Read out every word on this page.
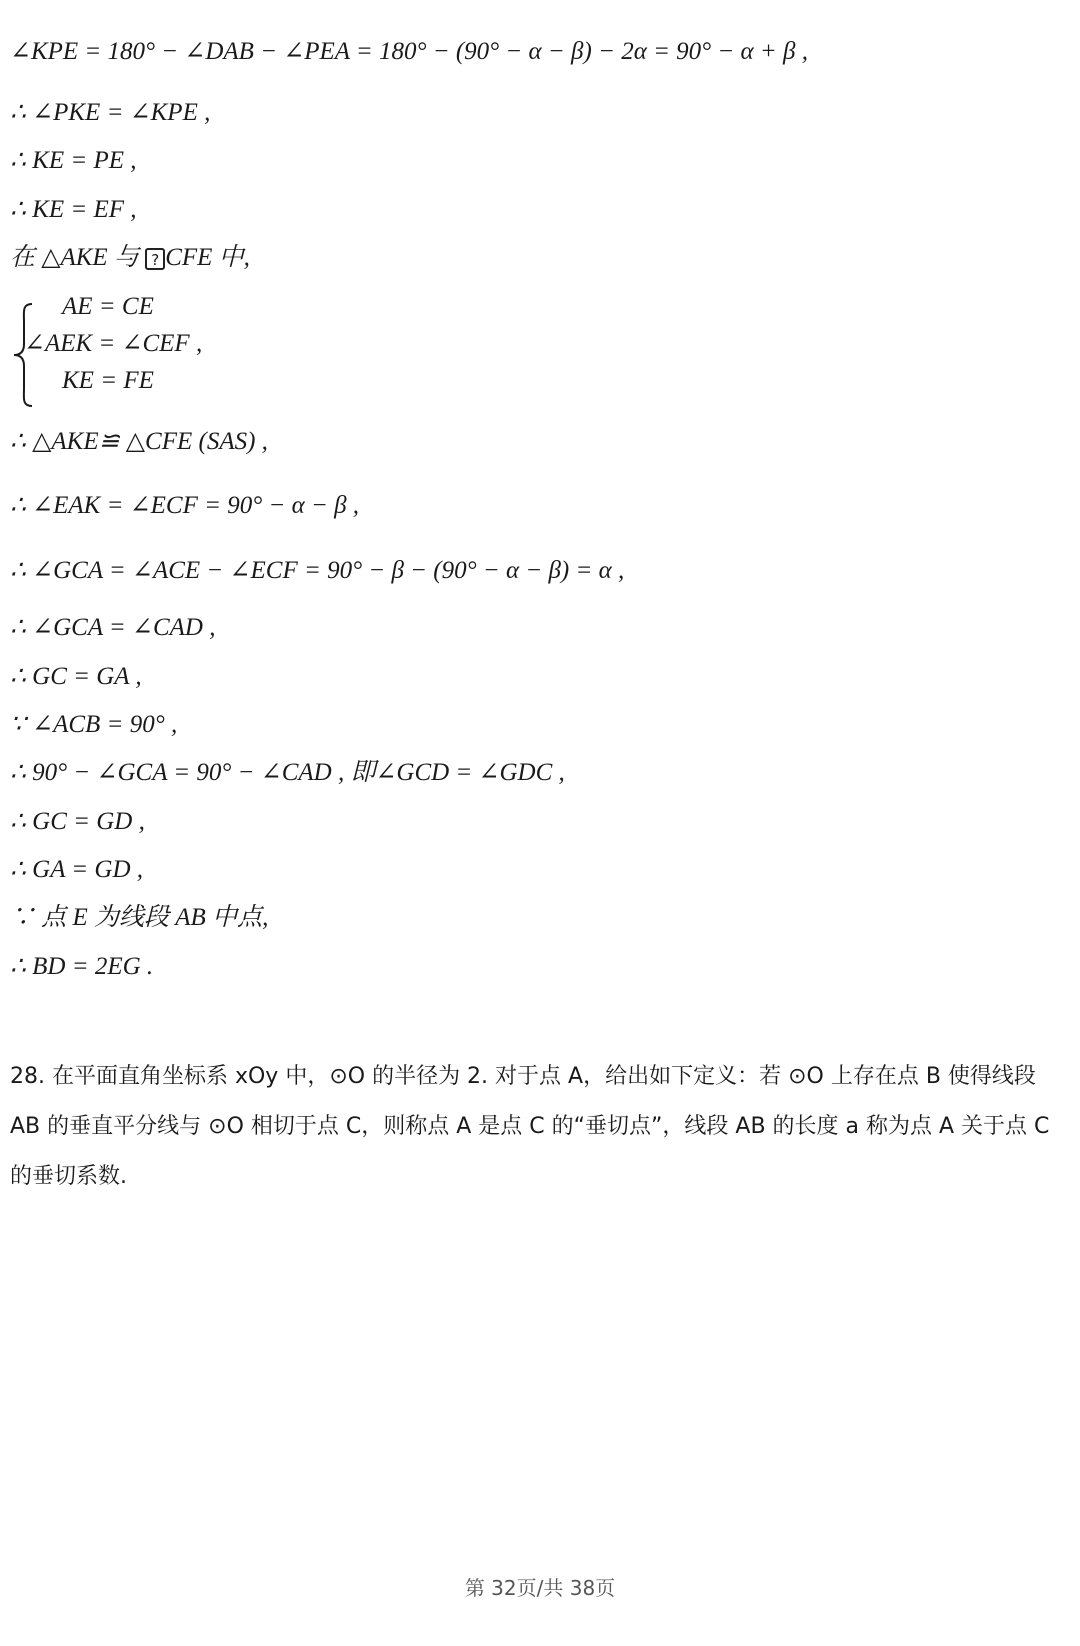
∠KPE = 180° − ∠DAB − ∠PEA = 180° − (90° − α − β) − 2α = 90° − α + β ,
∴ ∠PKE = ∠KPE ,
∴ KE = PE ,
∴ KE = EF ,
在 △AKE 与 ? CFE 中,
AE = CE
∠AEK = ∠CEF ,
KE = FE
∴ △AKE≌ △CFE (SAS) ,
∴ ∠EAK = ∠ECF = 90° − α − β ,
∴ ∠GCA = ∠ACE − ∠ECF = 90° − β − (90° − α − β) = α ,
∴ ∠GCA = ∠CAD ,
∴ GC = GA ,
∵ ∠ACB = 90° ,
∴ 90° − ∠GCA = 90° − ∠CAD , 即∠GCD = ∠GDC ,
∴ GC = GD ,
∴ GA = GD ,
∵ 点 E 为线段 AB 中点,
∴ BD = 2EG .
28. 在平面直角坐标系 xOy 中，⊙O 的半径为 2. 对于点 A，给出如下定义：若 ⊙O 上存在点 B 使得线段 AB 的垂直平分线与 ⊙O 相切于点 C，则称点 A 是点 C 的“垂切点”，线段 AB 的长度 a 称为点 A 关于点 C 的垂切系数.
第 32页/共 38页
